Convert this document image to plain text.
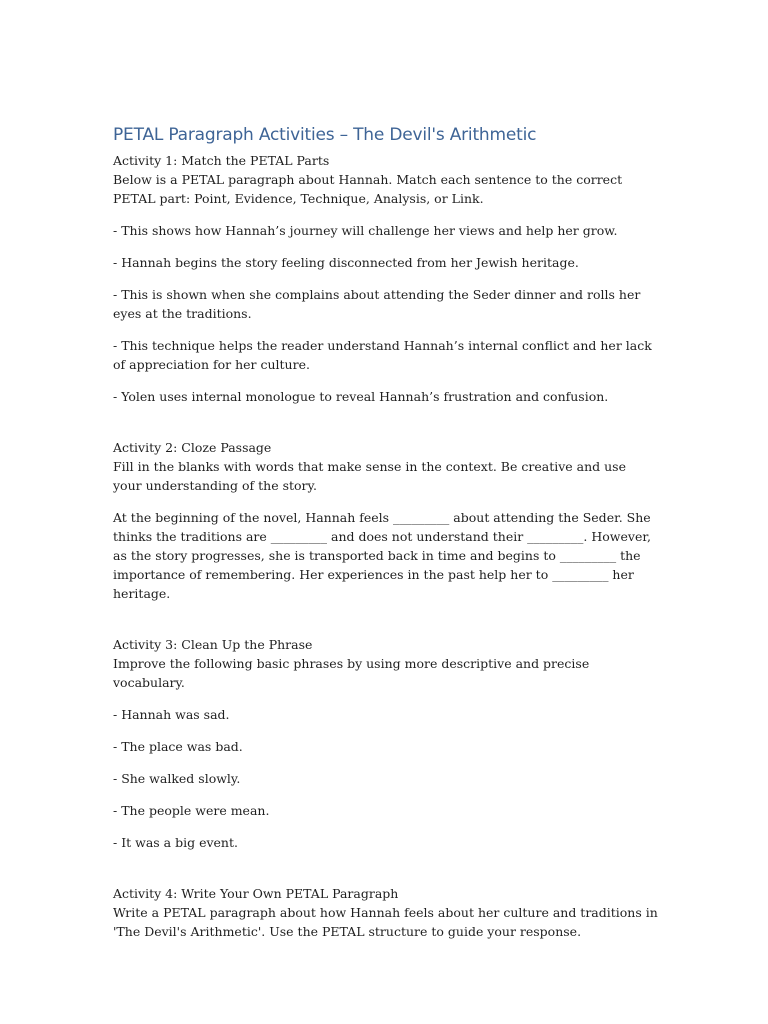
PETAL Paragraph Activities – The Devil's Arithmetic

Activity 1: Match the PETAL Parts

Below is a PETAL paragraph about Hannah. Match each sentence to the correct PETAL part: Point, Evidence, Technique, Analysis, or Link.

- This shows how Hannah’s journey will challenge her views and help her grow.

- Hannah begins the story feeling disconnected from her Jewish heritage.

- This is shown when she complains about attending the Seder dinner and rolls her eyes at the traditions.

- This technique helps the reader understand Hannah’s internal conflict and her lack of appreciation for her culture.

- Yolen uses internal monologue to reveal Hannah’s frustration and confusion.

Activity 2: Cloze Passage

Fill in the blanks with words that make sense in the context. Be creative and use your understanding of the story.

At the beginning of the novel, Hannah feels _________ about attending the Seder. She thinks the traditions are _________ and does not understand their _________. However, as the story progresses, she is transported back in time and begins to _________ the importance of remembering. Her experiences in the past help her to _________ her heritage.

Activity 3: Clean Up the Phrase

Improve the following basic phrases by using more descriptive and precise vocabulary.

- Hannah was sad.

- The place was bad.

- She walked slowly.

- The people were mean.

- It was a big event.

Activity 4: Write Your Own PETAL Paragraph

Write a PETAL paragraph about how Hannah feels about her culture and traditions in 'The Devil's Arithmetic'. Use the PETAL structure to guide your response.
